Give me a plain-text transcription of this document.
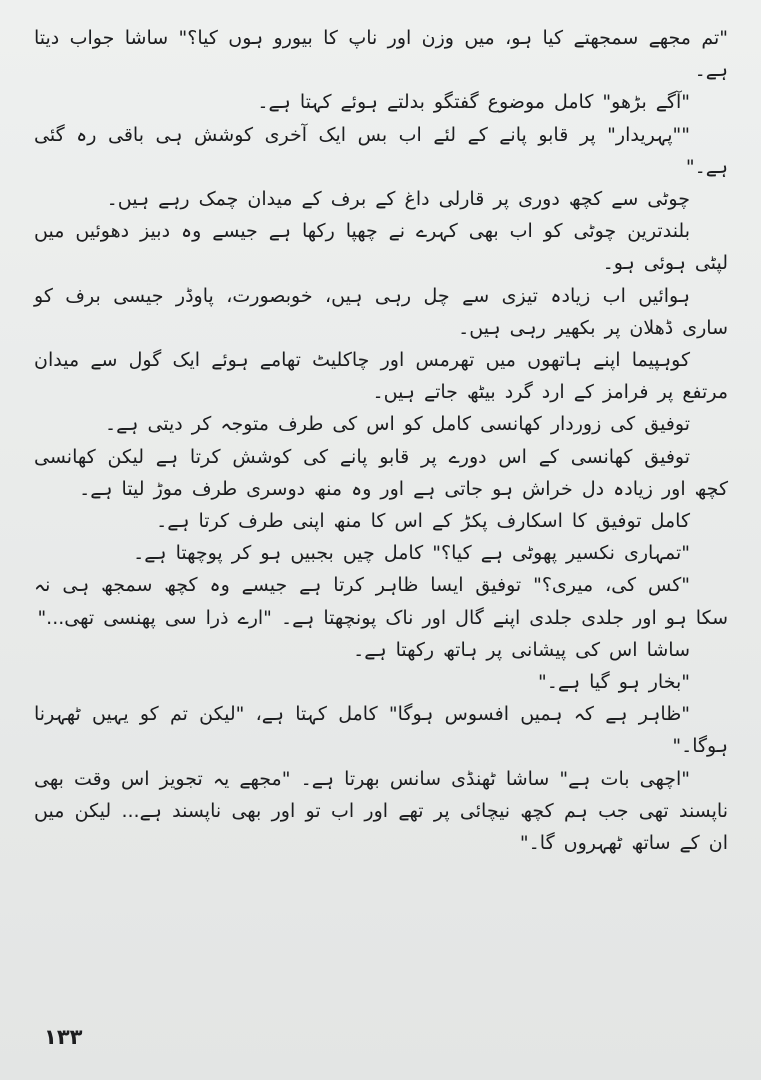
"تم مجھے سمجھتے کیا ہو، میں وزن اور ناپ کا بیورو ہوں کیا؟" ساشا جواب دیتا ہے۔

"آگے بڑھو" کامل موضوع گفتگو بدلتے ہوئے کہتا ہے۔

""پہریدار" پر قابو پانے کے لئے اب بس ایک آخری کوشش ہی باقی رہ گئی ہے۔"

چوٹی سے کچھ دوری پر قارلی داغ کے برف کے میدان چمک رہے ہیں۔

بلندترین چوٹی کو اب بھی کہرے نے چھپا رکھا ہے جیسے وہ دبیز دھوئیں میں لپٹی ہوئی ہو۔

ہوائیں اب زیادہ تیزی سے چل رہی ہیں، خوبصورت، پاوڈر جیسی برف کو ساری ڈھلان پر بکھیر رہی ہیں۔

کوہپیما اپنے ہاتھوں میں تھرمس اور چاکلیٹ تھامے ہوئے ایک گول سے میدان مرتفع پر فرامز کے ارد گرد بیٹھ جاتے ہیں۔

توفیق کی زوردار کھانسی کامل کو اس کی طرف متوجہ کر دیتی ہے۔

توفیق کھانسی کے اس دورے پر قابو پانے کی کوشش کرتا ہے لیکن کھانسی کچھ اور زیادہ دل خراش ہو جاتی ہے اور وہ منھ دوسری طرف موڑ لیتا ہے۔

کامل توفیق کا اسکارف پکڑ کے اس کا منھ اپنی طرف کرتا ہے۔

"تمہاری نکسیر پھوٹی ہے کیا؟" کامل چیں بجبیں ہو کر پوچھتا ہے۔

"کس کی، میری؟" توفیق ایسا ظاہر کرتا ہے جیسے وہ کچھ سمجھ ہی نہ سکا ہو اور جلدی جلدی اپنے گال اور ناک پونچھتا ہے۔ "ارے ذرا سی پھنسی تھی..."

ساشا اس کی پیشانی پر ہاتھ رکھتا ہے۔

"بخار ہو گیا ہے۔"

"ظاہر ہے کہ ہمیں افسوس ہوگا" کامل کہتا ہے، "لیکن تم کو یہیں ٹھہرنا ہوگا۔"

"اچھی بات ہے" ساشا ٹھنڈی سانس بھرتا ہے۔ "مجھے یہ تجویز اس وقت بھی ناپسند تھی جب ہم کچھ نیچائی پر تھے اور اب تو اور بھی ناپسند ہے... لیکن میں ان کے ساتھ ٹھہروں گا۔"

۱۳۳
